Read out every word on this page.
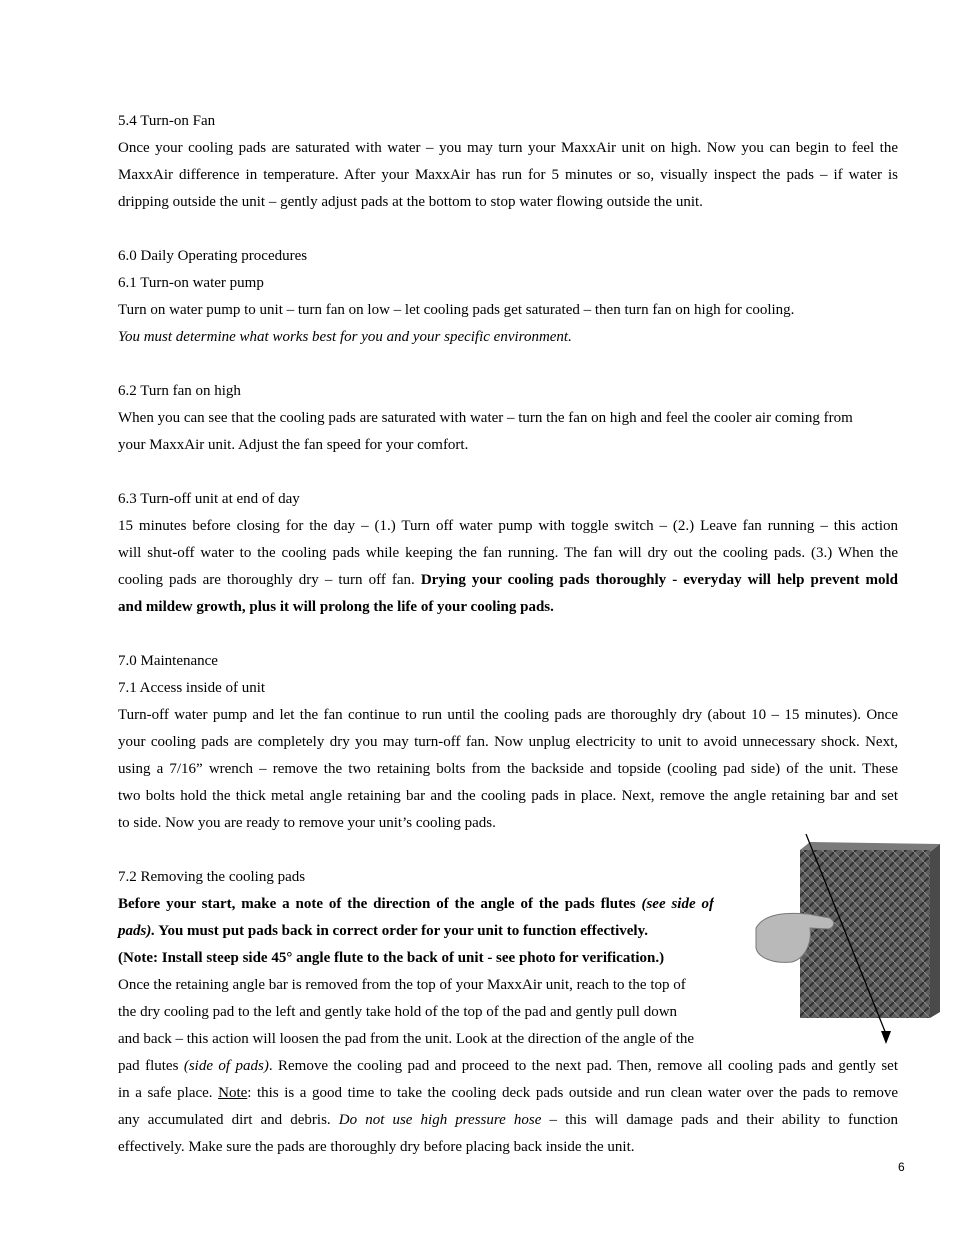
5.4 Turn-on Fan
Once your cooling pads are saturated with water – you may turn your MaxxAir unit on high. Now you can begin to feel the
MaxxAir difference in temperature. After your MaxxAir has run for 5 minutes or so, visually inspect the pads – if water is
dripping outside the unit – gently adjust pads at the bottom to stop water flowing outside the unit.
6.0 Daily Operating procedures
6.1 Turn-on water pump
Turn on water pump to unit – turn fan on low – let cooling pads get saturated – then turn fan on high for cooling.
You must determine what works best for you and your specific environment.
6.2 Turn fan on high
When you can see that the cooling pads are saturated with water – turn the fan on high and feel the cooler air coming from
your MaxxAir unit. Adjust the fan speed for your comfort.
6.3 Turn-off unit at end of day
15 minutes before closing for the day – (1.) Turn off water pump with toggle switch – (2.) Leave fan running – this action
will shut-off water to the cooling pads while keeping the fan running. The fan will dry out the cooling pads. (3.) When the
cooling pads are thoroughly dry – turn off fan. Drying your cooling pads thoroughly - everyday will help prevent mold
and mildew growth, plus it will prolong the life of your cooling pads.
7.0 Maintenance
7.1 Access inside of unit
Turn-off water pump and let the fan continue to run until the cooling pads are thoroughly dry (about 10 – 15 minutes). Once
your cooling pads are completely dry you may turn-off fan. Now unplug electricity to unit to avoid unnecessary shock. Next,
using a 7/16” wrench – remove the two retaining bolts from the backside and topside (cooling pad side) of the unit. These
two bolts hold the thick metal angle retaining bar and the cooling pads in place. Next, remove the angle retaining bar and set
to side. Now you are ready to remove your unit’s cooling pads.
7.2 Removing the cooling pads
Before your start, make a note of the direction of the angle of the pads flutes (see side of
pads). You must put pads back in correct order for your unit to function effectively.
(Note: Install steep side 45° angle flute to the back of unit - see photo for verification.)
Once the retaining angle bar is removed from the top of your MaxxAir unit, reach to the top of
the dry cooling pad to the left and gently take hold of the top of the pad and gently pull down
and back – this action will loosen the pad from the unit. Look at the direction of the angle of the
pad flutes (side of pads). Remove the cooling pad and proceed to the next pad. Then, remove all cooling pads and gently set
in a safe place. Note: this is a good time to take the cooling deck pads outside and run clean water over the pads to remove
any accumulated dirt and debris. Do not use high pressure hose – this will damage pads and their ability to function
effectively. Make sure the pads are thoroughly dry before placing back inside the unit.
6
